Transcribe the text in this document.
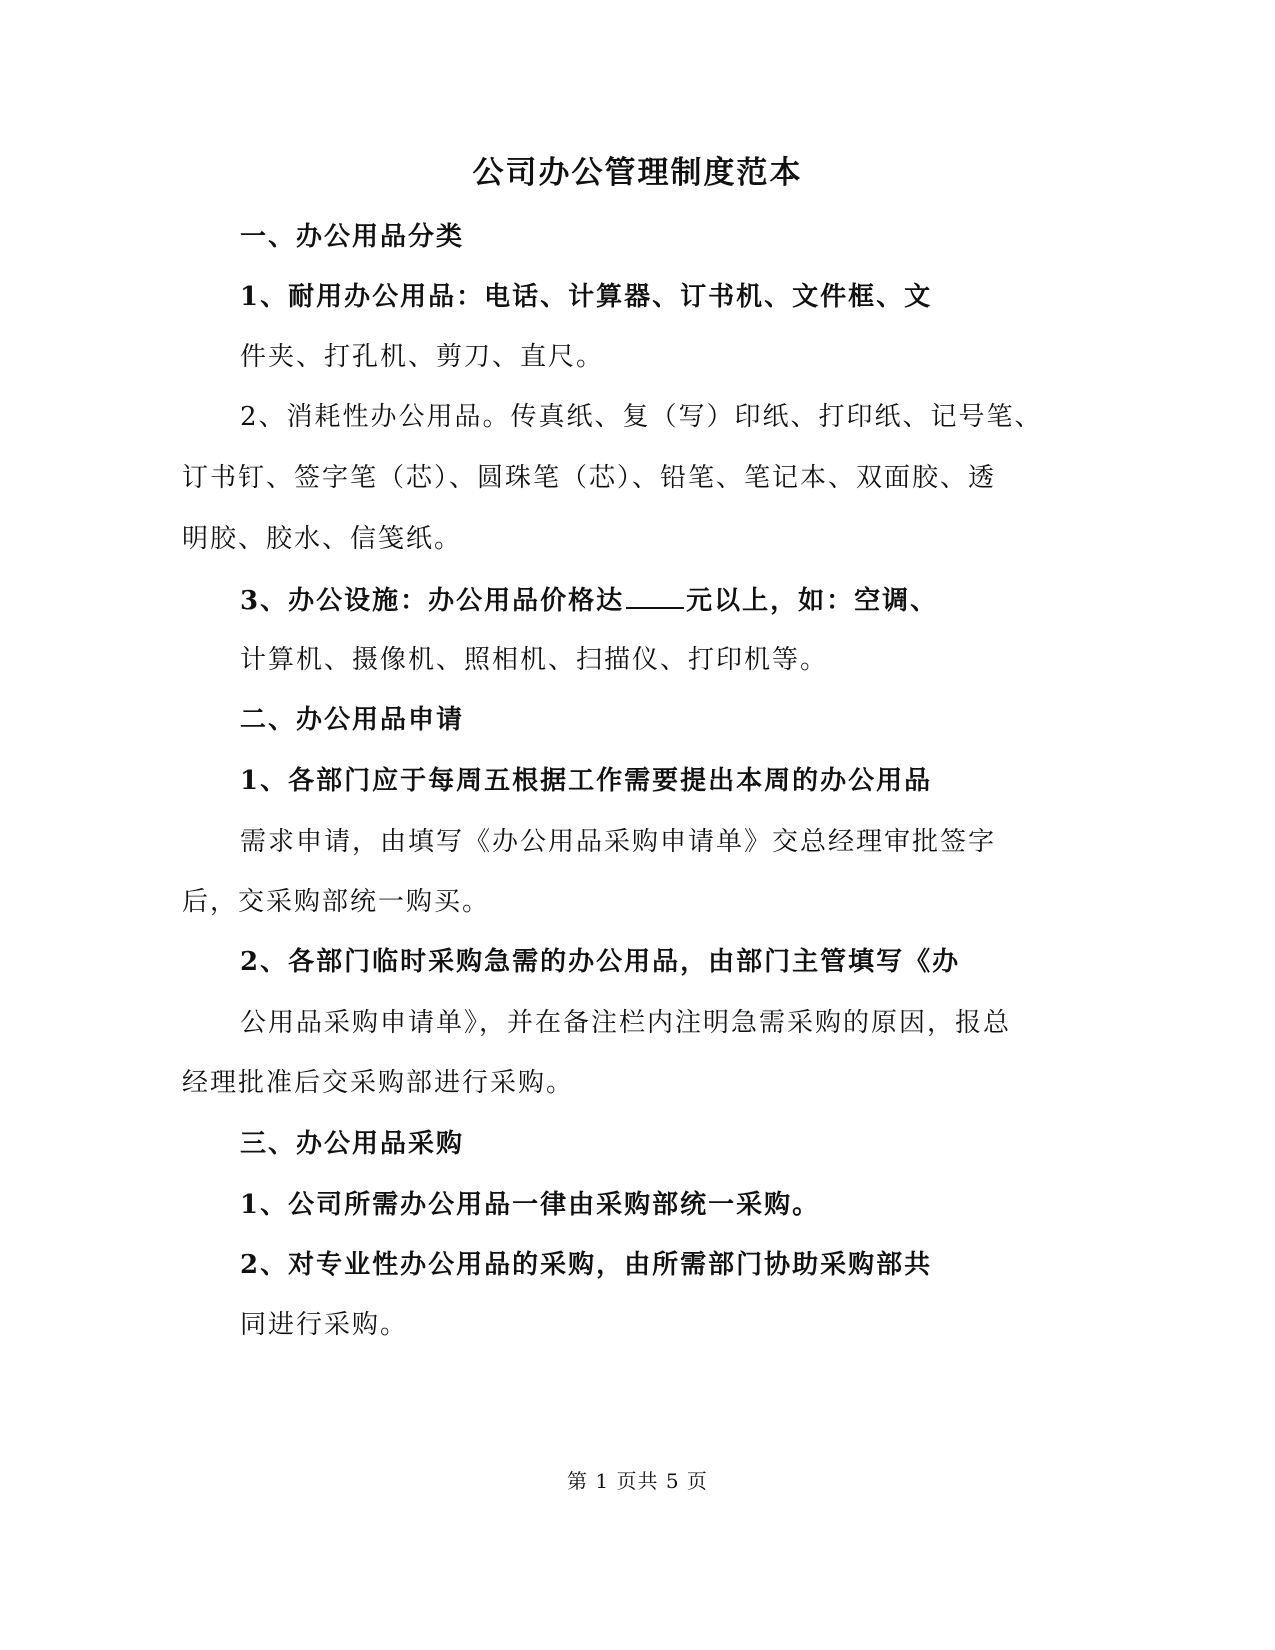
公司办公管理制度范本
一、办公用品分类
1、耐用办公用品：电话、计算器、订书机、文件框、文
件夹、打孔机、剪刀、直尺。
2、消耗性办公用品。传真纸、复（写）印纸、打印纸、记号笔、
订书钉、签字笔（芯）、圆珠笔（芯）、铅笔、笔记本、双面胶、透
明胶、胶水、信笺纸。
3、办公设施：办公用品价格达 元以上，如：空调、
计算机、摄像机、照相机、扫描仪、打印机等。
二、办公用品申请
1、各部门应于每周五根据工作需要提出本周的办公用品
需求申请，由填写《办公用品采购申请单》交总经理审批签字
后，交采购部统一购买。
2、各部门临时采购急需的办公用品，由部门主管填写《办
公用品采购申请单》，并在备注栏内注明急需采购的原因，报总
经理批准后交采购部进行采购。
三、办公用品采购
1、公司所需办公用品一律由采购部统一采购。
2、对专业性办公用品的采购，由所需部门协助采购部共
同进行采购。
第 1 页共 5 页
